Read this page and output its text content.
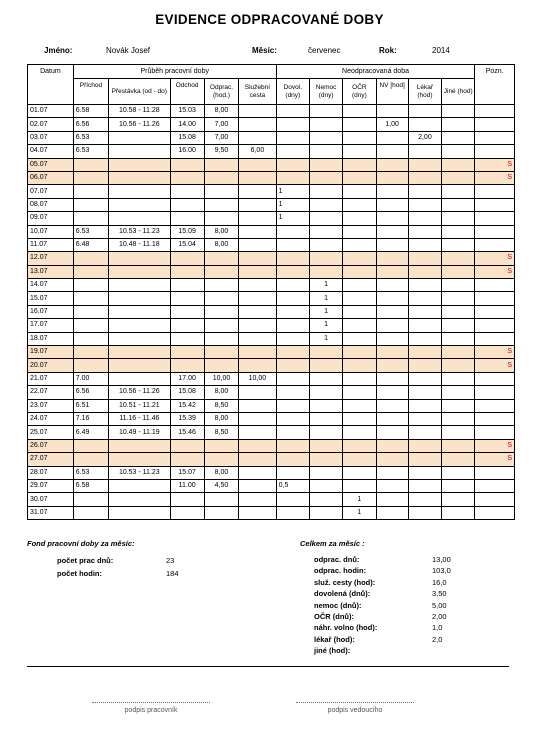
EVIDENCE ODPRACOVANÉ DOBY
Jméno:	Novák Josef	Měsíc:	červenec	Rok:	2014
Datum	Průběh pracovní doby					Neodpracovaná doba						Pozn.
	Příchod	Přestávka (od - do)	Odchod	Odprac. (hod.)	Služební cesta	Dovol. (dny)	Nemoc (dny)	OČR (dny)	NV [hod]	Lékař (hod)	Jiné (hod)	
01.07	6.58	10.58 - 11.28	15.03	8,00								
02.07	6.56	10.56 - 11.26	14.00	7,00					1,00			
03.07	6.53		15.08	7,00						2,00		
04.07	6.53		16.00	9,50	6,00							
05.07												S
06.07												S
07.07						1						
08.07						1						
09.07						1						
10.07	6.53	10.53 - 11.23	15.09	8,00								
11.07	6.48	10.48 - 11.18	15.04	8,00								
12.07												S
13.07												S
14.07							1					
15.07							1					
16.07							1					
17.07							1					
18.07							1					
19.07												S
20.07												S
21.07	7.00		17.00	10,00	10,00							
22.07	6.56	10.56 - 11.26	15.08	8,00								
23.07	6.51	10.51 - 11.21	15.42	8,50								
24.07	7.16	11.16 - 11.46	15.39	8,00								
25.07	6.49	10.49 - 11.19	15.46	8,50								
26.07												S
27.07												S
28.07	6.53	10.53 - 11.23	15.07	8,00								
29.07	6.58		11.00	4,50		0,5						
30.07								1				
31.07								1				
Fond pracovní doby za měsíc:
počet prac dnů:	23
počet hodin:	184
Celkem za měsíc :
odprac. dnů:	13,00
odprac. hodin:	103,0
služ. cesty (hod):	16,0
dovolená (dnů):	3,50
nemoc (dnů):	5,00
OČR (dnů):	2,00
náhr. volno (hod):	1,0
lékař (hod):	2,0
jiné (hod):
podpis pracovník	podpis vedoucího
